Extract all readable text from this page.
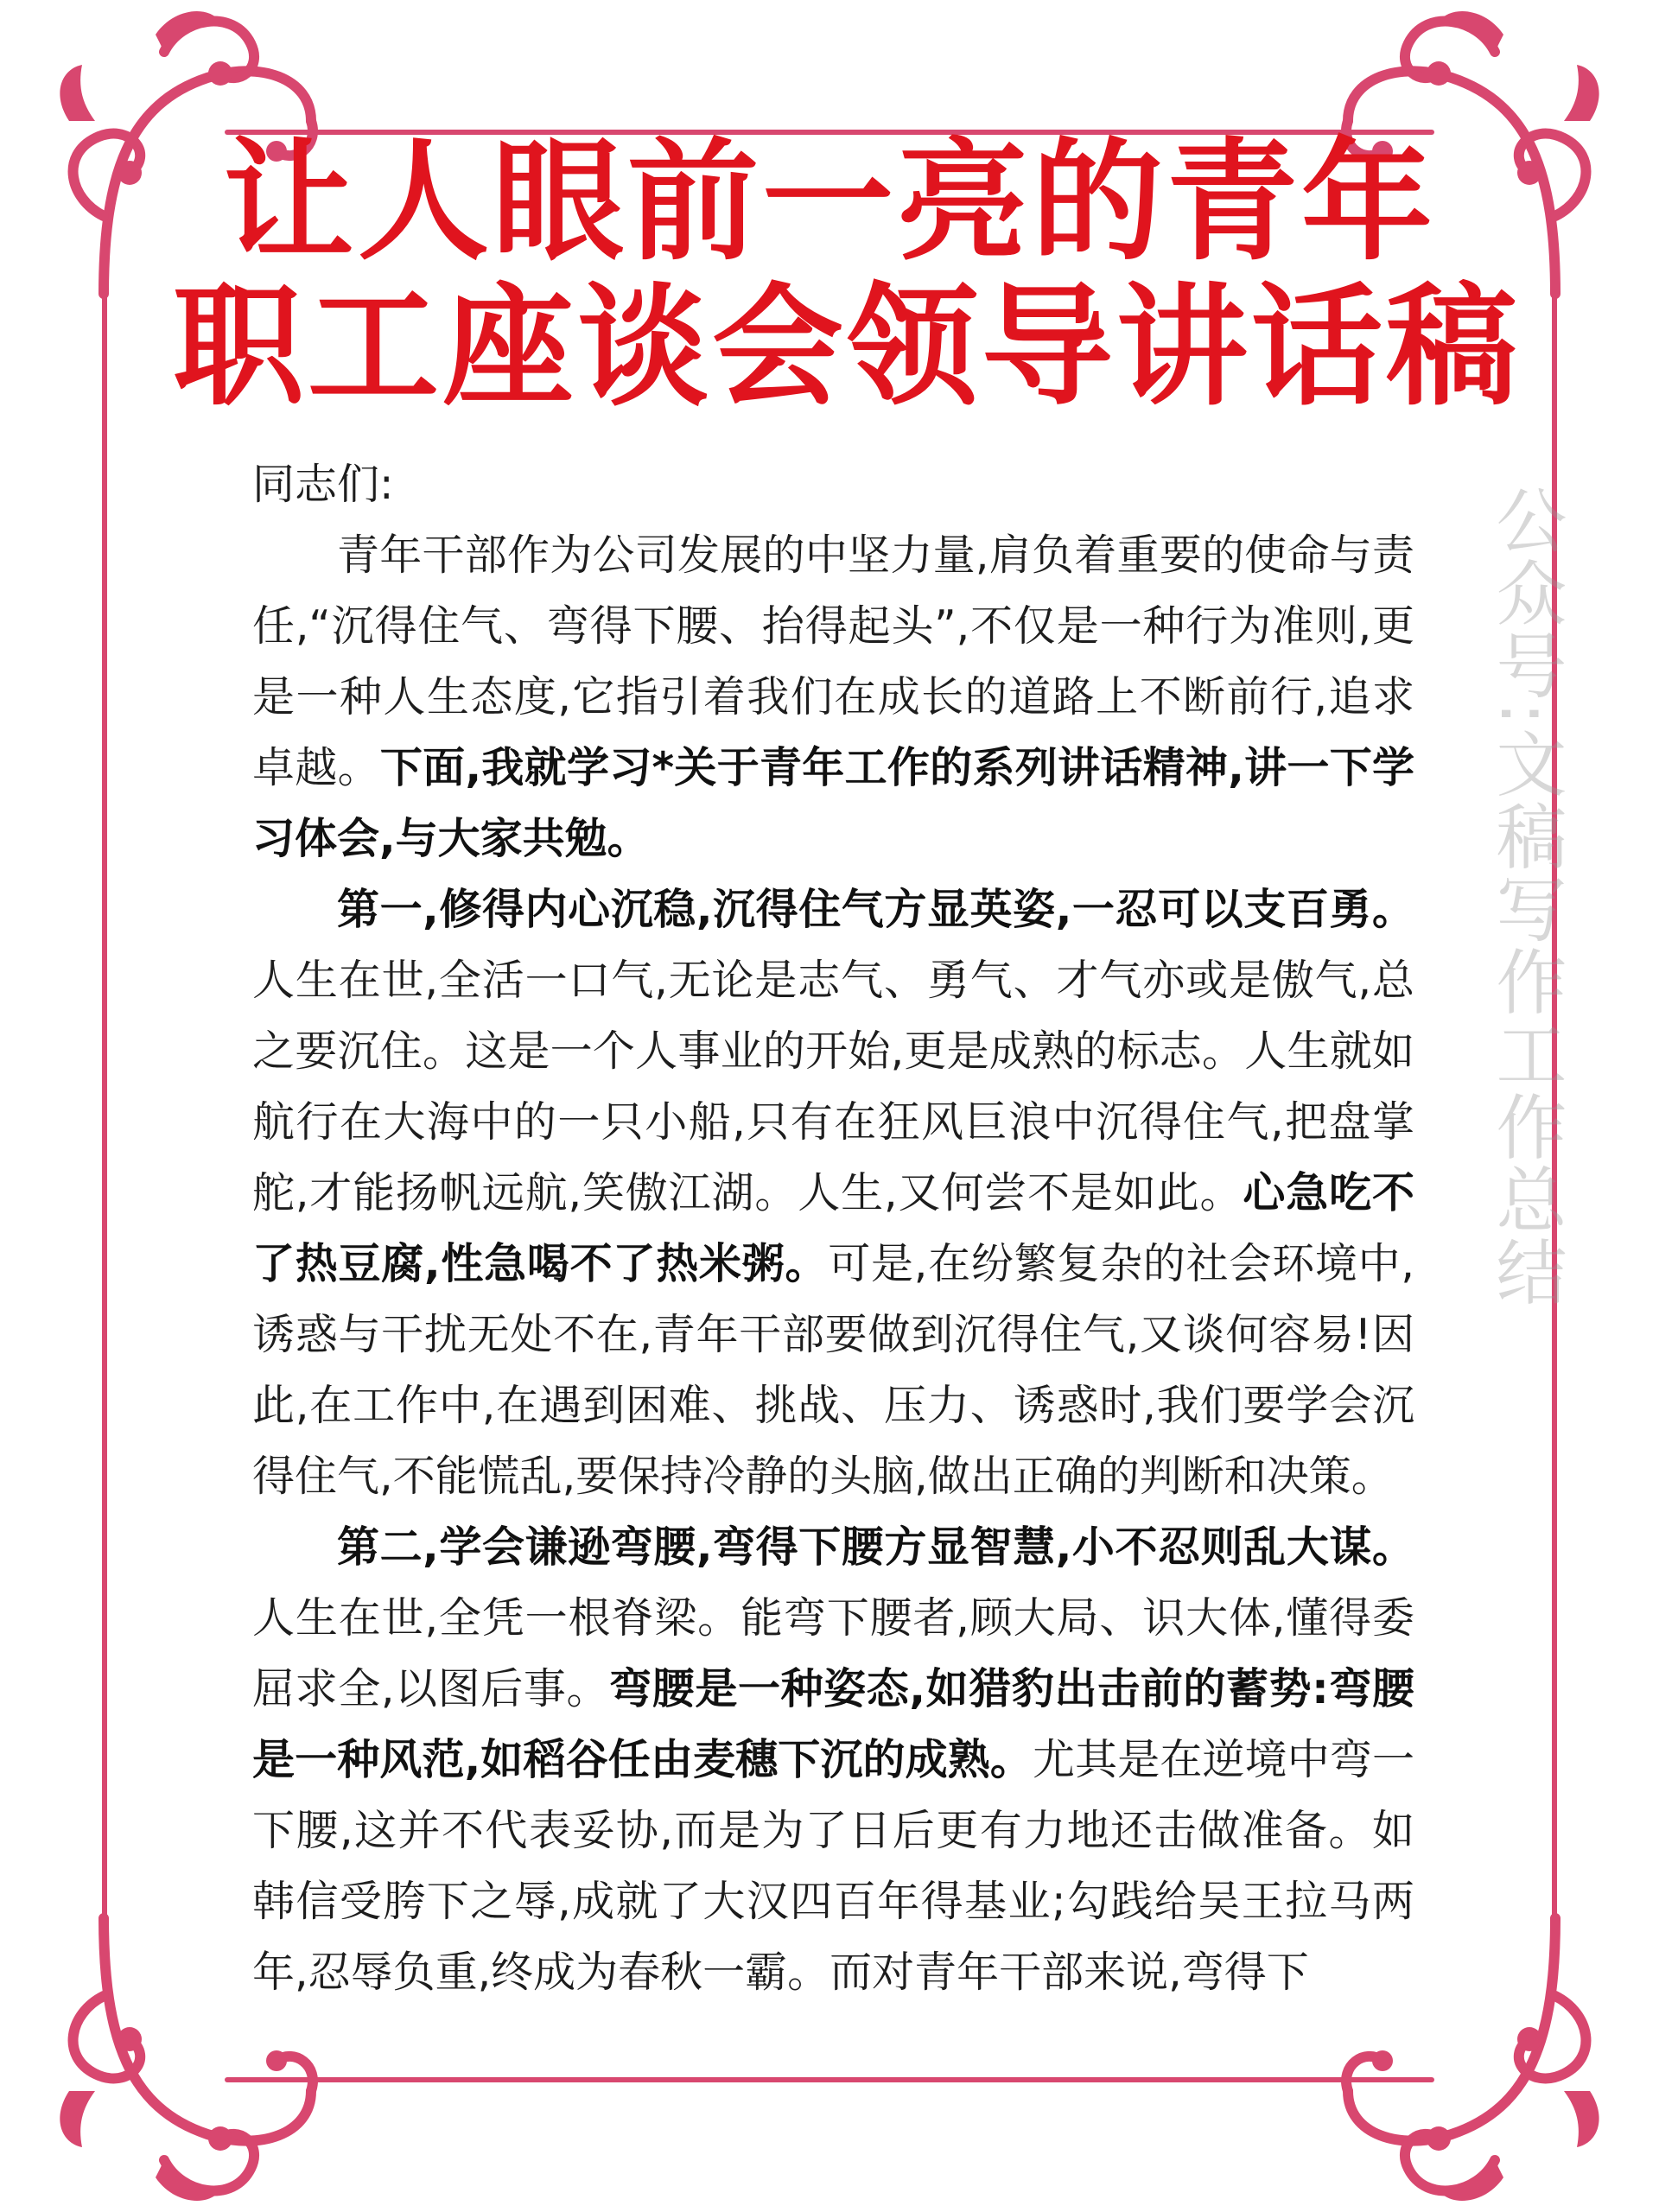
让人眼前一亮的青年
职工座谈会领导讲话稿
公众号:文稿写作工作总结

同志们:

青年干部作为公司发展的中坚力量,肩负着重要的使命与责任,“沉得住气、弯得下腰、抬得起头”,不仅是一种行为准则,更是一种人生态度,它指引着我们在成长的道路上不断前行,追求卓越。下面,我就学习*关于青年工作的系列讲话精神,讲一下学习体会,与大家共勉。

第一,修得内心沉稳,沉得住气方显英姿,一忍可以支百勇。人生在世,全活一口气,无论是志气、勇气、才气亦或是傲气,总之要沉住。这是一个人事业的开始,更是成熟的标志。人生就如航行在大海中的一只小船,只有在狂风巨浪中沉得住气,把盘掌舵,才能扬帆远航,笑傲江湖。人生,又何尝不是如此。心急吃不了热豆腐,性急喝不了热米粥。可是,在纷繁复杂的社会环境中,诱惑与干扰无处不在,青年干部要做到沉得住气,又谈何容易!因此,在工作中,在遇到困难、挑战、压力、诱惑时,我们要学会沉得住气,不能慌乱,要保持冷静的头脑,做出正确的判断和决策。

第二,学会谦逊弯腰,弯得下腰方显智慧,小不忍则乱大谋。人生在世,全凭一根脊梁。能弯下腰者,顾大局、识大体,懂得委屈求全,以图后事。弯腰是一种姿态,如猎豹出击前的蓄势:弯腰是一种风范,如稻谷任由麦穗下沉的成熟。尤其是在逆境中弯一下腰,这并不代表妥协,而是为了日后更有力地还击做准备。如韩信受胯下之辱,成就了大汉四百年得基业;勾践给吴王拉马两年,忍辱负重,终成为春秋一霸。而对青年干部来说,弯得下
